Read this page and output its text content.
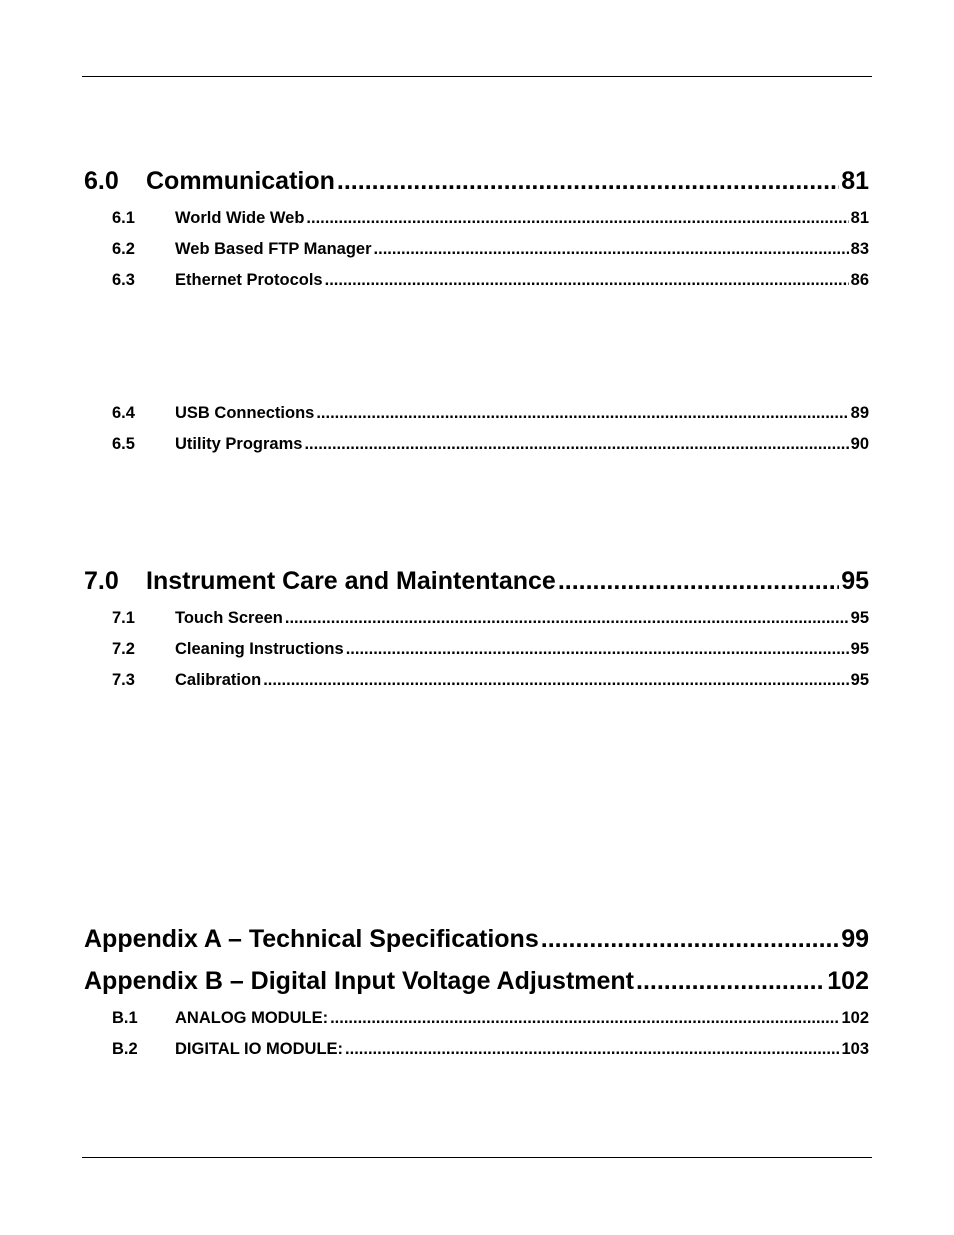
6.0 Communication .....	81
6.1 World Wide Web .....	81
6.2 Web Based FTP Manager .....	83
6.3 Ethernet Protocols .....	86
6.4 USB Connections .....	89
6.5 Utility Programs .....	90
7.0 Instrument Care and Maintentance .....	95
7.1 Touch Screen .....	95
7.2 Cleaning Instructions .....	95
7.3 Calibration .....	95
Appendix A – Technical Specifications .....	99
Appendix B – Digital Input Voltage Adjustment .....	102
B.1 ANALOG MODULE: .....	102
B.2 DIGITAL IO MODULE: .....	103
